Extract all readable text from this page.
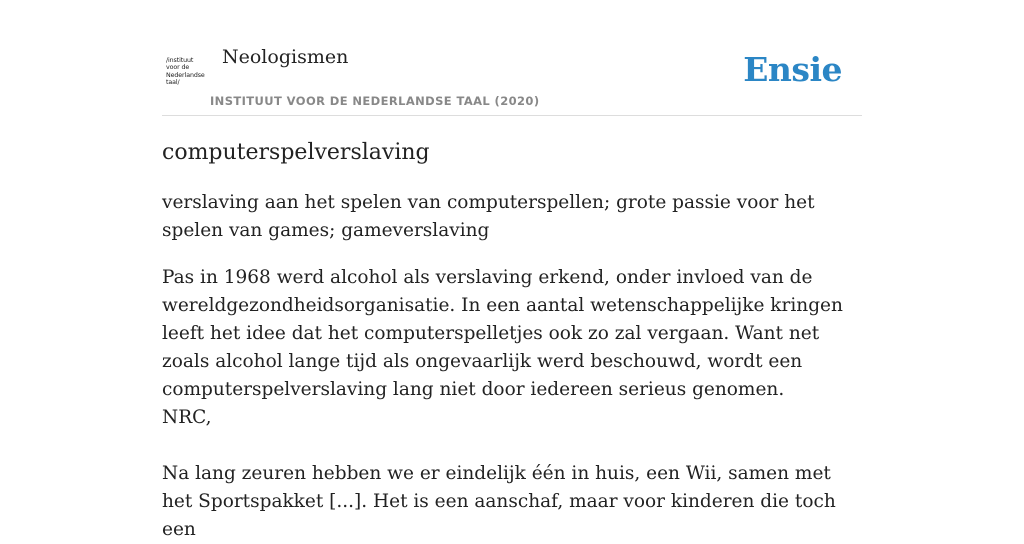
/instituut
voor de
Nederlandse
taal/
Neologismen	Ensie
INSTITUUT VOOR DE NEDERLANDSE TAAL (2020)
computerspelverslaving

verslaving aan het spelen van computerspellen; grote passie voor het spelen van games; gameverslaving

Pas in 1968 werd alcohol als verslaving erkend, onder invloed van de wereldgezondheidsorganisatie. In een aantal wetenschappelijke kringen leeft het idee dat het computerspelletjes ook zo zal vergaan. Want net zoals alcohol lange tijd als ongevaarlijk werd beschouwd, wordt een computerspelverslaving lang niet door iedereen serieus genomen.
NRC,

Na lang zeuren hebben we er eindelijk één in huis, een Wii, samen met het Sportspakket [...]. Het is een aanschaf, maar voor kinderen die toch een
